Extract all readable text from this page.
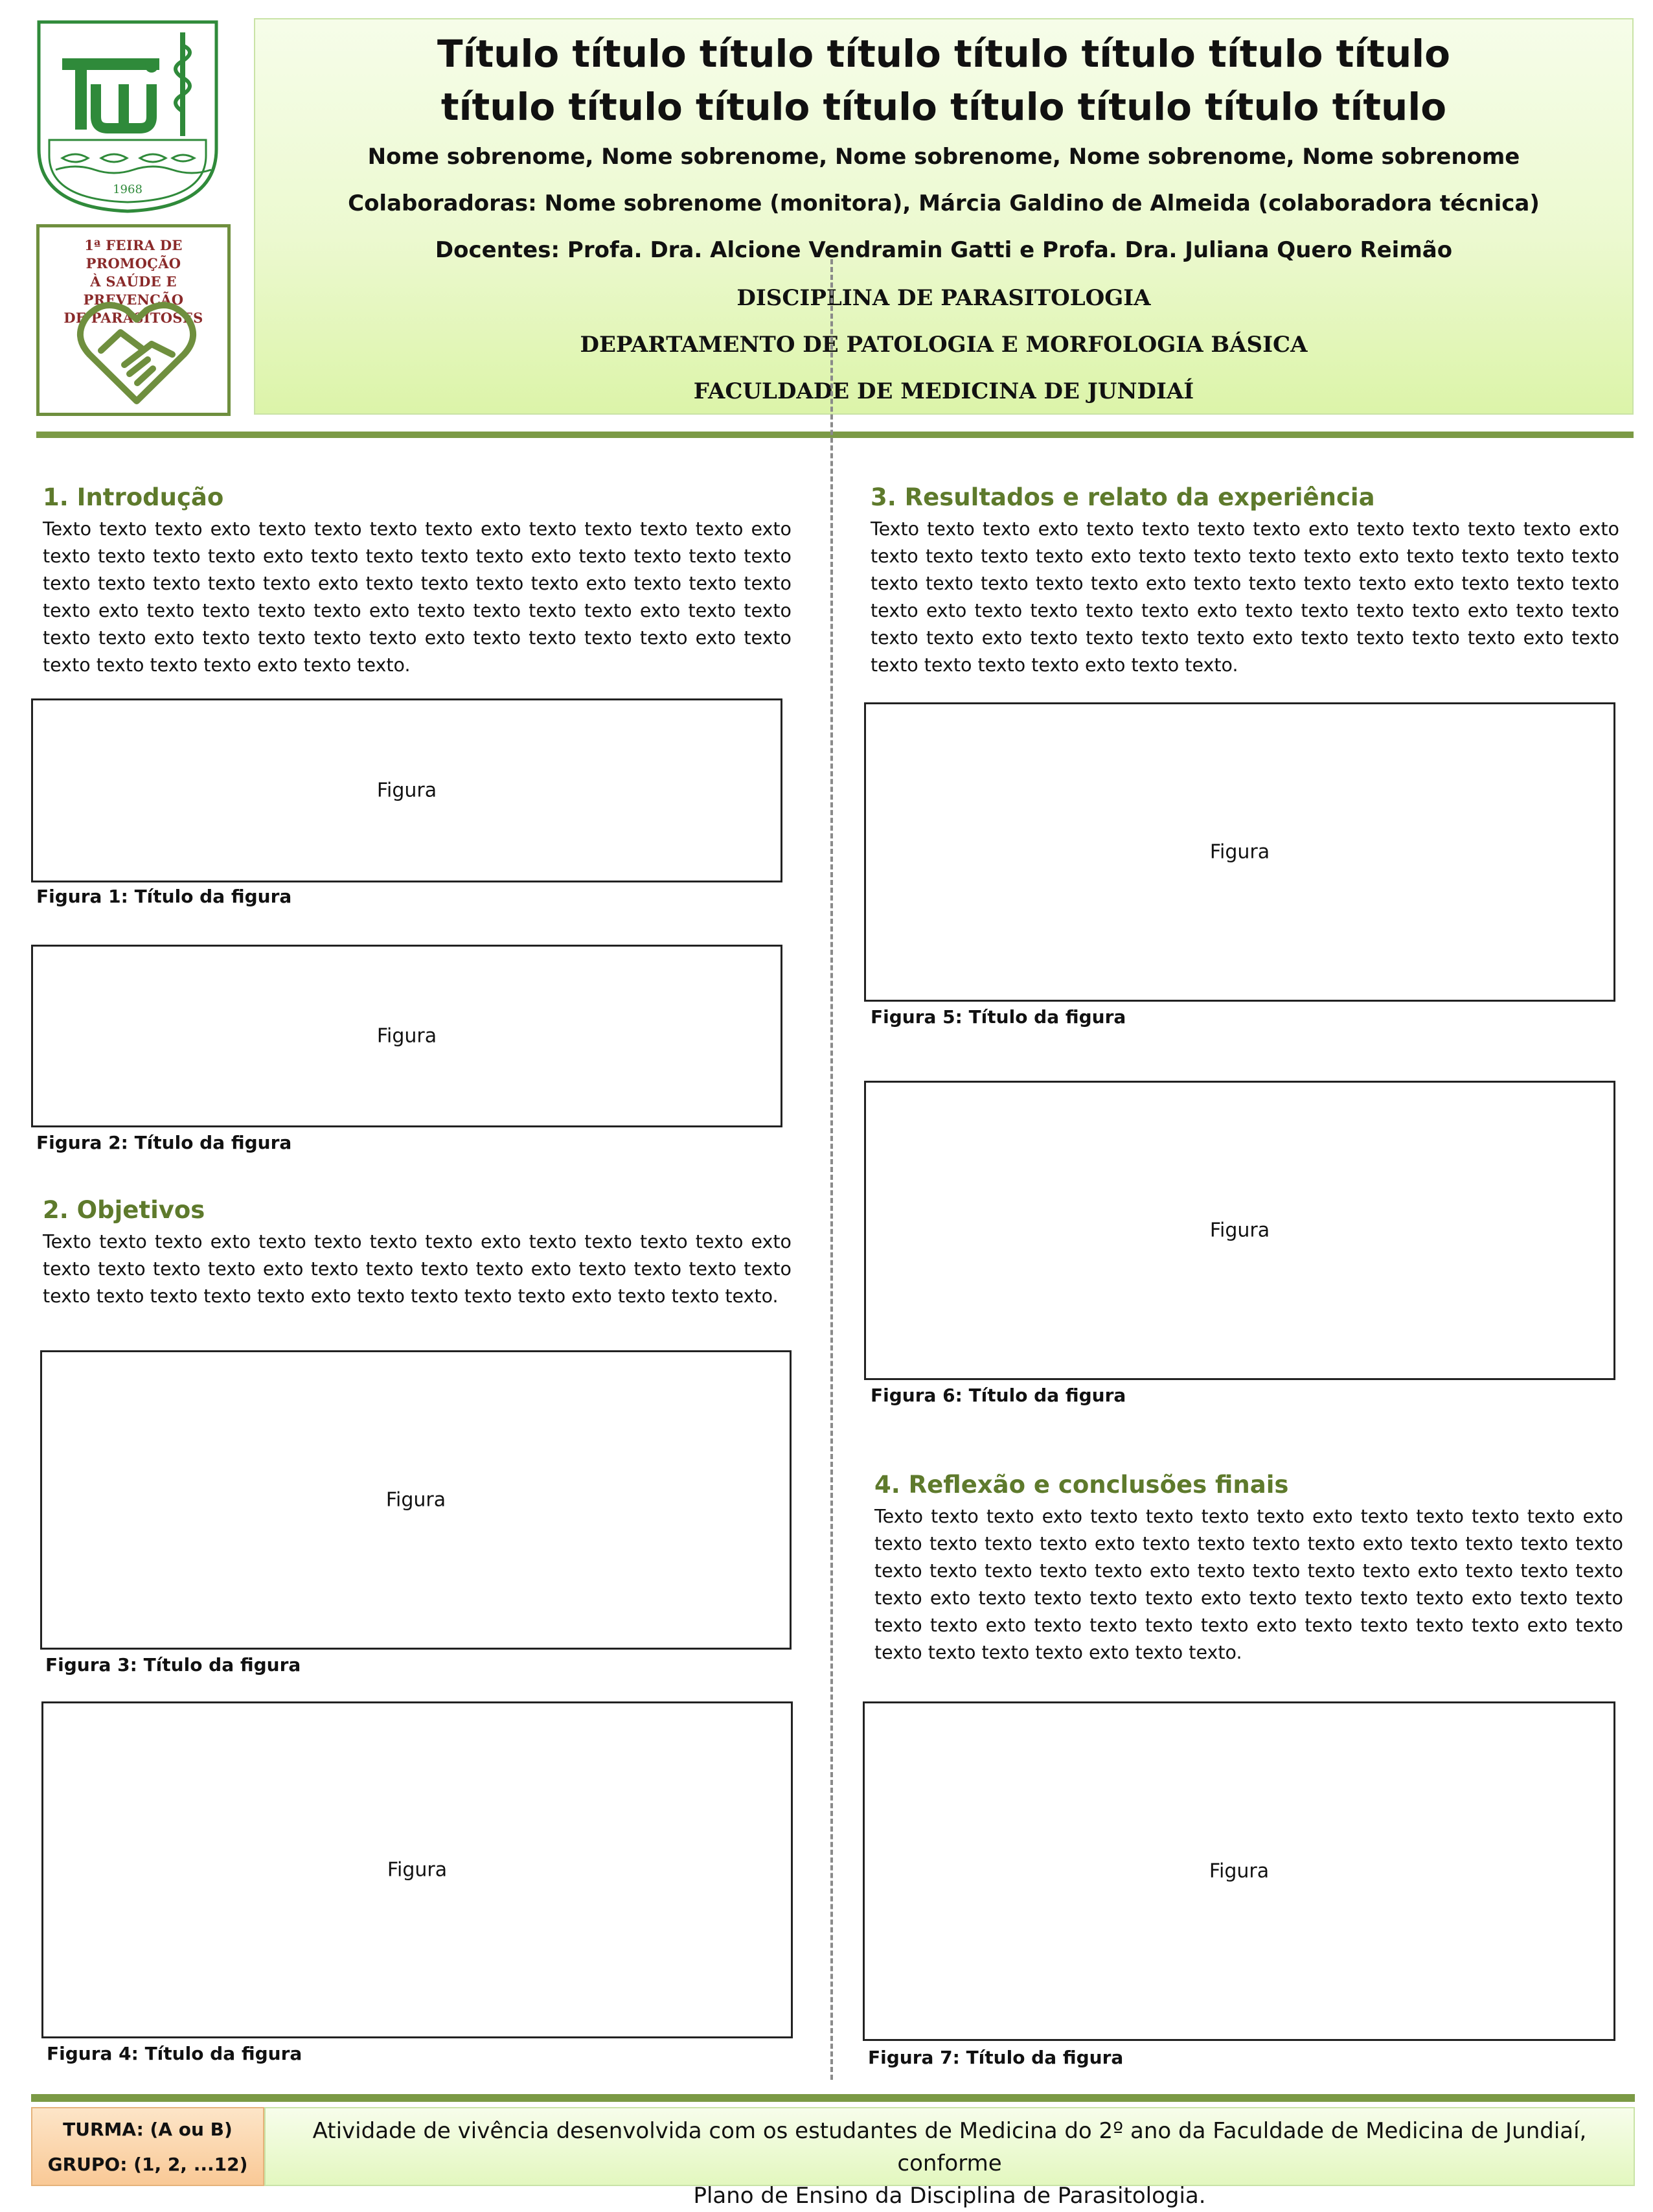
1968
1ª FEIRA DE PROMOÇÃO
À SAÚDE E PREVENÇÃO
DE PARASITOSES
Título título título título título título título título
título título título título título título título título
Nome sobrenome, Nome sobrenome, Nome sobrenome, Nome sobrenome, Nome sobrenome
Colaboradoras: Nome sobrenome (monitora), Márcia Galdino de Almeida (colaboradora técnica)
Docentes: Profa. Dra. Alcione Vendramin Gatti e Profa. Dra. Juliana Quero Reimão
DISCIPLINA DE PARASITOLOGIA
DEPARTAMENTO DE PATOLOGIA E MORFOLOGIA BÁSICA
FACULDADE DE MEDICINA DE JUNDIAÍ
1. Introdução
Texto texto texto exto texto texto texto texto exto texto texto texto texto exto texto texto texto texto exto texto texto texto texto exto texto texto texto texto texto texto texto texto texto exto texto texto texto texto exto texto texto texto texto exto texto texto texto texto exto texto texto texto texto exto texto texto texto texto exto texto texto texto texto exto texto texto texto texto exto texto texto texto texto texto exto texto texto.
Figura
Figura 1: Título da figura
Figura
Figura 2: Título da figura
2. Objetivos
Texto texto texto exto texto texto texto texto exto texto texto texto texto exto texto texto texto texto exto texto texto texto texto exto texto texto texto texto texto texto texto texto texto exto texto texto texto texto exto texto texto texto.
Figura
Figura 3: Título da figura
Figura
Figura 4: Título da figura
3. Resultados e relato da experiência
Texto texto texto exto texto texto texto texto exto texto texto texto texto exto texto texto texto texto exto texto texto texto texto exto texto texto texto texto texto texto texto texto texto exto texto texto texto texto exto texto texto texto texto exto texto texto texto texto exto texto texto texto texto exto texto texto texto texto exto texto texto texto texto exto texto texto texto texto exto texto texto texto texto texto exto texto texto.
Figura
Figura 5: Título da figura
Figura
Figura 6: Título da figura
4. Reflexão e conclusões finais
Texto texto texto exto texto texto texto texto exto texto texto texto texto exto texto texto texto texto exto texto texto texto texto exto texto texto texto texto texto texto texto texto texto exto texto texto texto texto exto texto texto texto texto exto texto texto texto texto exto texto texto texto texto exto texto texto texto texto exto texto texto texto texto exto texto texto texto texto exto texto texto texto texto texto exto texto texto.
Figura
Figura 7: Título da figura
TURMA: (A ou B)
GRUPO: (1, 2, ...12)
Atividade de vivência desenvolvida com os estudantes de Medicina do 2º ano da Faculdade de Medicina de Jundiaí, conforme
Plano de Ensino da Disciplina de Parasitologia.
